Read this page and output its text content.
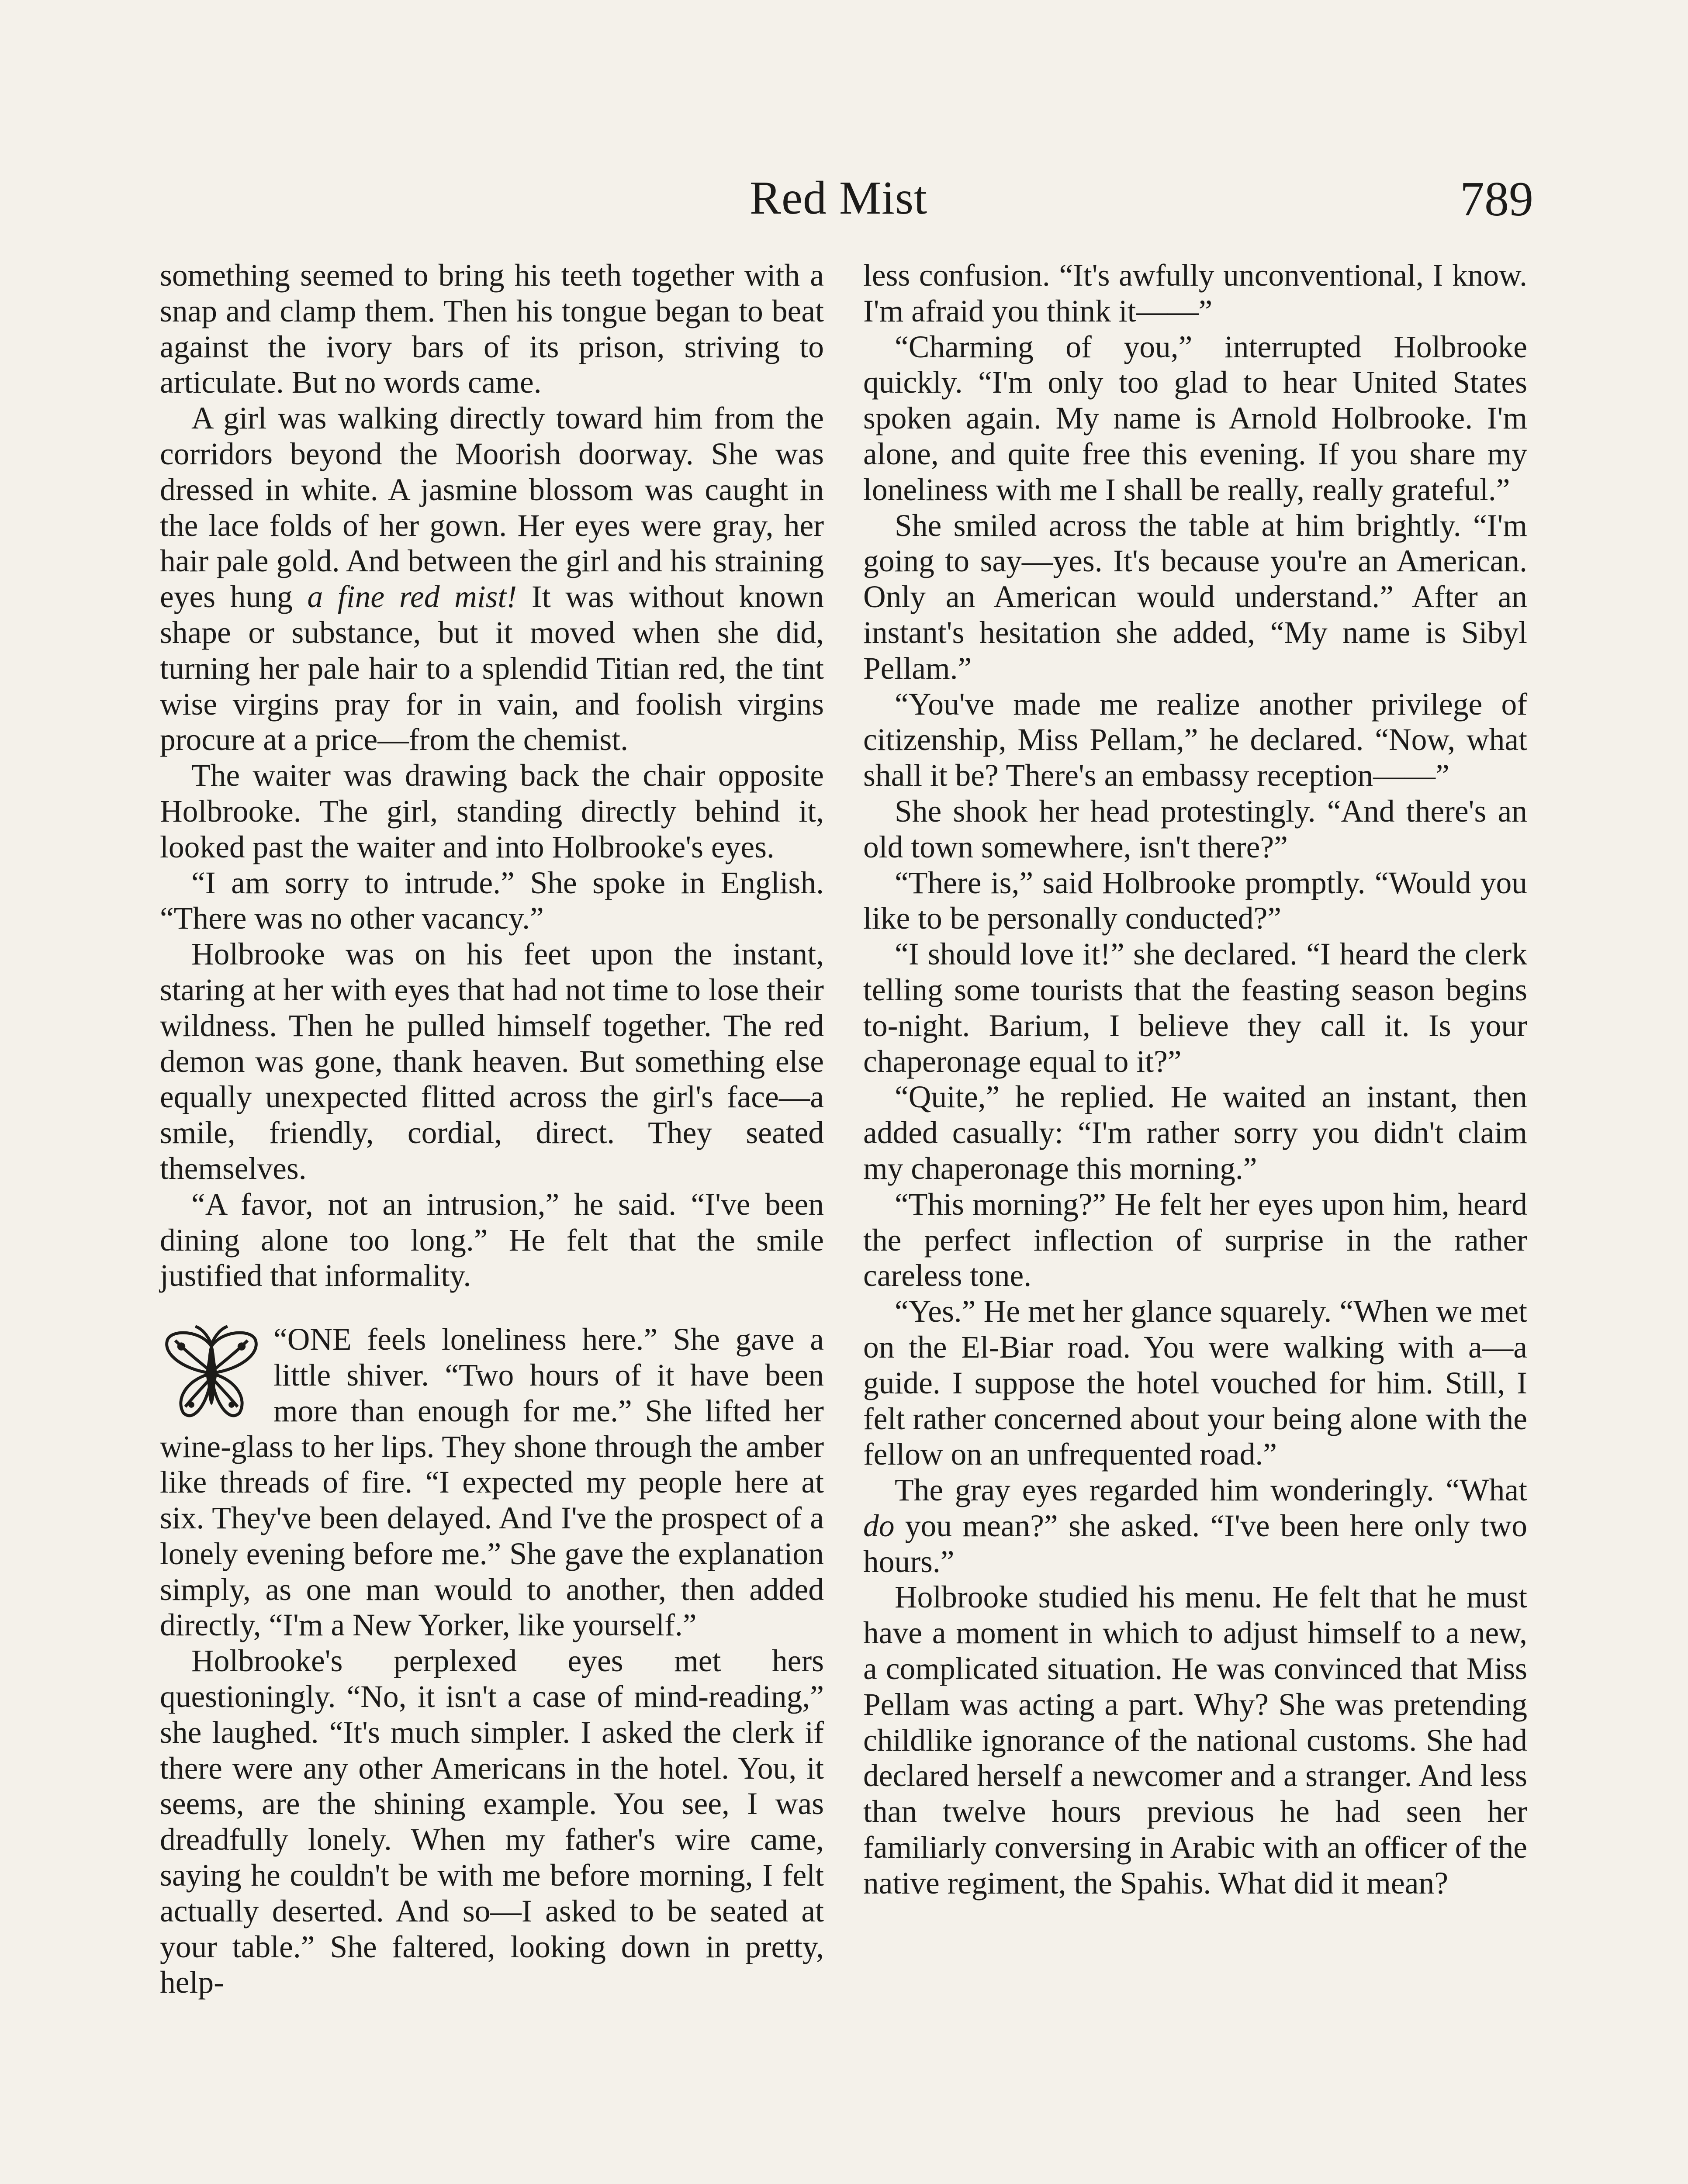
Red Mist	789

something seemed to bring his teeth together with a snap and clamp them. Then his tongue began to beat against the ivory bars of its prison, striving to articulate. But no words came.

A girl was walking directly toward him from the corridors beyond the Moorish doorway. She was dressed in white. A jasmine blossom was caught in the lace folds of her gown. Her eyes were gray, her hair pale gold. And between the girl and his straining eyes hung a fine red mist! It was without known shape or substance, but it moved when she did, turning her pale hair to a splendid Titian red, the tint wise virgins pray for in vain, and foolish virgins procure at a price—from the chemist.

The waiter was drawing back the chair opposite Holbrooke. The girl, standing directly behind it, looked past the waiter and into Holbrooke's eyes.

“I am sorry to intrude.” She spoke in English. “There was no other vacancy.”

Holbrooke was on his feet upon the instant, staring at her with eyes that had not time to lose their wildness. Then he pulled himself together. The red demon was gone, thank heaven. But something else equally unexpected flitted across the girl's face—a smile, friendly, cordial, direct. They seated themselves.

“A favor, not an intrusion,” he said. “I've been dining alone too long.” He felt that the smile justified that informality.

“ONE feels loneliness here.” She gave a little shiver. “Two hours of it have been more than enough for me.” She lifted her wine-glass to her lips. They shone through the amber like threads of fire. “I expected my people here at six. They've been delayed. And I've the prospect of a lonely evening before me.” She gave the explanation simply, as one man would to another, then added directly, “I'm a New Yorker, like yourself.”

Holbrooke's perplexed eyes met hers questioningly. “No, it isn't a case of mind-reading,” she laughed. “It's much simpler. I asked the clerk if there were any other Americans in the hotel. You, it seems, are the shining example. You see, I was dreadfully lonely. When my father's wire came, saying he couldn't be with me before morning, I felt actually deserted. And so—I asked to be seated at your table.” She faltered, looking down in pretty, help-

less confusion. “It's awfully unconventional, I know. I'm afraid you think it——”

“Charming of you,” interrupted Holbrooke quickly. “I'm only too glad to hear United States spoken again. My name is Arnold Holbrooke. I'm alone, and quite free this evening. If you share my loneliness with me I shall be really, really grateful.”

She smiled across the table at him brightly. “I'm going to say—yes. It's because you're an American. Only an American would understand.” After an instant's hesitation she added, “My name is Sibyl Pellam.”

“You've made me realize another privilege of citizenship, Miss Pellam,” he declared. “Now, what shall it be? There's an embassy reception——”

She shook her head protestingly. “And there's an old town somewhere, isn't there?”

“There is,” said Holbrooke promptly. “Would you like to be personally conducted?”

“I should love it!” she declared. “I heard the clerk telling some tourists that the feasting season begins to-night. Barium, I believe they call it. Is your chaperonage equal to it?”

“Quite,” he replied. He waited an instant, then added casually: “I'm rather sorry you didn't claim my chaperonage this morning.”

“This morning?” He felt her eyes upon him, heard the perfect inflection of surprise in the rather careless tone.

“Yes.” He met her glance squarely. “When we met on the El-Biar road. You were walking with a—a guide. I suppose the hotel vouched for him. Still, I felt rather concerned about your being alone with the fellow on an unfrequented road.”

The gray eyes regarded him wonderingly. “What do you mean?” she asked. “I've been here only two hours.”

Holbrooke studied his menu. He felt that he must have a moment in which to adjust himself to a new, a complicated situation. He was convinced that Miss Pellam was acting a part. Why? She was pretending childlike ignorance of the national customs. She had declared herself a newcomer and a stranger. And less than twelve hours previous he had seen her familiarly conversing in Arabic with an officer of the native regiment, the Spahis. What did it mean?
